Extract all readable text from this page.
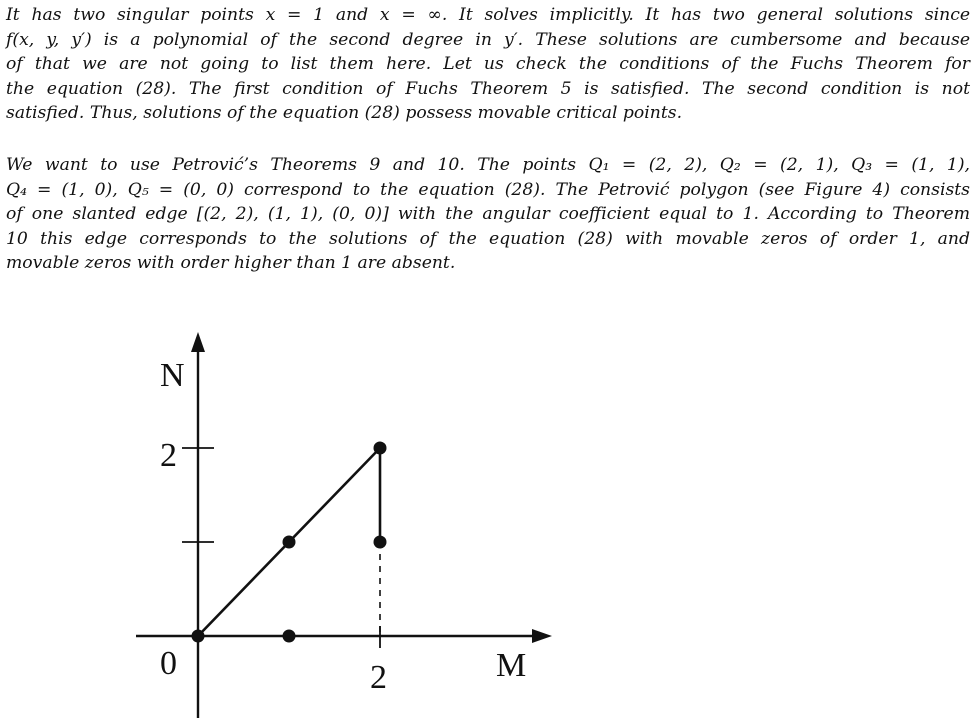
It has two singular points x = 1 and x = ∞. It solves implicitly. It has two general solutions since
f(x, y, y′) is a polynomial of the second degree in y′. These solutions are cumbersome and because
of that we are not going to list them here. Let us check the conditions of the Fuchs Theorem for
the equation (28). The first condition of Fuchs Theorem 5 is satisfied. The second condition is not
satisfied. Thus, solutions of the equation (28) possess movable critical points.
We want to use Petrović’s Theorems 9 and 10. The points Q₁ = (2, 2), Q₂ = (2, 1), Q₃ = (1, 1),
Q₄ = (1, 0), Q₅ = (0, 0) correspond to the equation (28). The Petrović polygon (see Figure 4) consists
of one slanted edge [(2, 2), (1, 1), (0, 0)] with the angular coefficient equal to 1. According to Theorem
10 this edge corresponds to the solutions of the equation (28) with movable zeros of order 1, and
movable zeros with order higher than 1 are absent.
N
2
0	2	M
